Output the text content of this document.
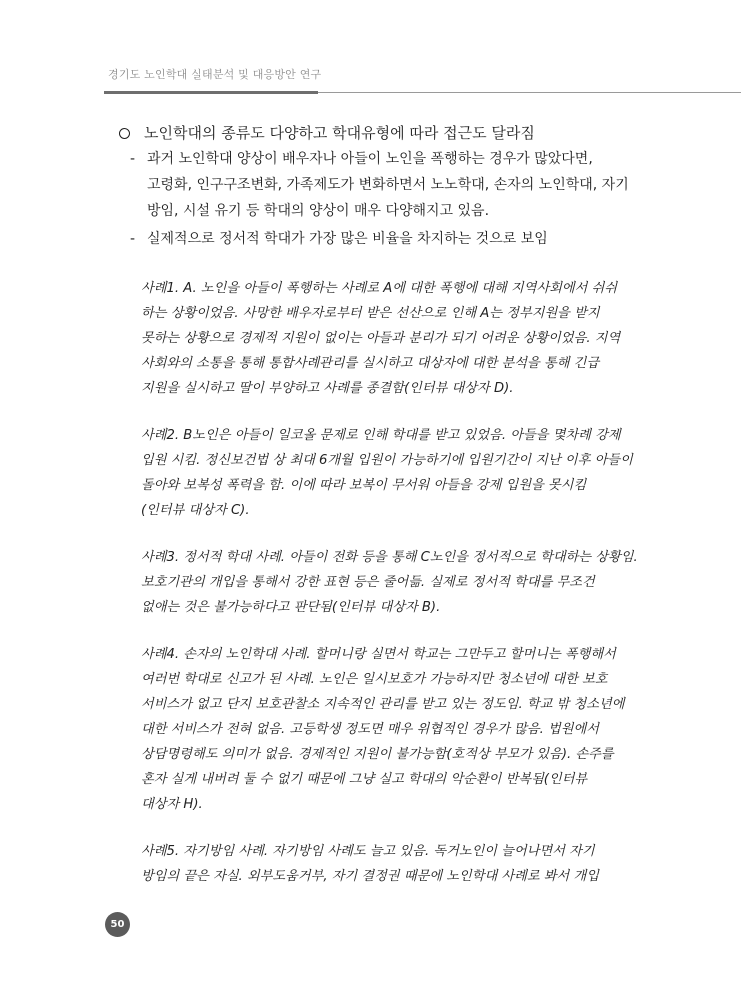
경기도 노인학대 실태분석 및 대응방안 연구
노인학대의 종류도 다양하고 학대유형에 따라 접근도 달라짐
- 과거 노인학대 양상이 배우자나 아들이 노인을 폭행하는 경우가 많았다면,
고령화, 인구구조변화, 가족제도가 변화하면서 노노학대, 손자의 노인학대, 자기
방임, 시설 유기 등 학대의 양상이 매우 다양해지고 있음.
- 실제적으로 정서적 학대가 가장 많은 비율을 차지하는 것으로 보임
사례1. A. 노인을 아들이 폭행하는 사례로 A에 대한 폭행에 대해 지역사회에서 쉬쉬
하는 상황이었음. 사망한 배우자로부터 받은 선산으로 인해 A는 정부지원을 받지
못하는 상황으로 경제적 지원이 없이는 아들과 분리가 되기 어려운 상황이었음. 지역
사회와의 소통을 통해 통합사례관리를 실시하고 대상자에 대한 분석을 통해 긴급
지원을 실시하고 딸이 부양하고 사례를 종결함(인터뷰 대상자 D).
사례2. B노인은 아들이 일코올 문제로 인해 학대를 받고 있었음. 아들을 몇차례 강제
입원 시킴. 정신보건법 상 최대 6개월 입원이 가능하기에 입원기간이 지난 이후 아들이
돌아와 보복성 폭력을 함. 이에 따라 보복이 무서워 아들을 강제 입원을 못시킴
(인터뷰 대상자 C).
사례3. 정서적 학대 사례. 아들이 전화 등을 통해 C노인을 정서적으로 학대하는 상황임.
보호기관의 개입을 통해서 강한 표현 등은 줄어듦. 실제로 정서적 학대를 무조건
없애는 것은 불가능하다고 판단됨(인터뷰 대상자 B).
사례4. 손자의 노인학대 사례. 할머니랑 실면서 학교는 그만두고 할머니는 폭행해서
여러번 학대로 신고가 된 사례. 노인은 일시보호가 가능하지만 청소년에 대한 보호
서비스가 없고 단지 보호관찰소 지속적인 관리를 받고 있는 정도임. 학교 밖 청소년에
대한 서비스가 전혀 없음. 고등학생 정도면 매우 위협적인 경우가 많음. 법원에서
상담명령해도 의미가 없음. 경제적인 지원이 불가능함(호적상 부모가 있음). 손주를
혼자 실게 내버려 둘 수 없기 때문에 그냥 실고 학대의 악순환이 반복됨(인터뷰
대상자 H).
사례5. 자기방임 사례. 자기방임 사례도 늘고 있음. 독거노인이 늘어나면서 자기
방임의 끝은 자실. 외부도움거부, 자기 결정권 때문에 노인학대 사례로 봐서 개입
50
